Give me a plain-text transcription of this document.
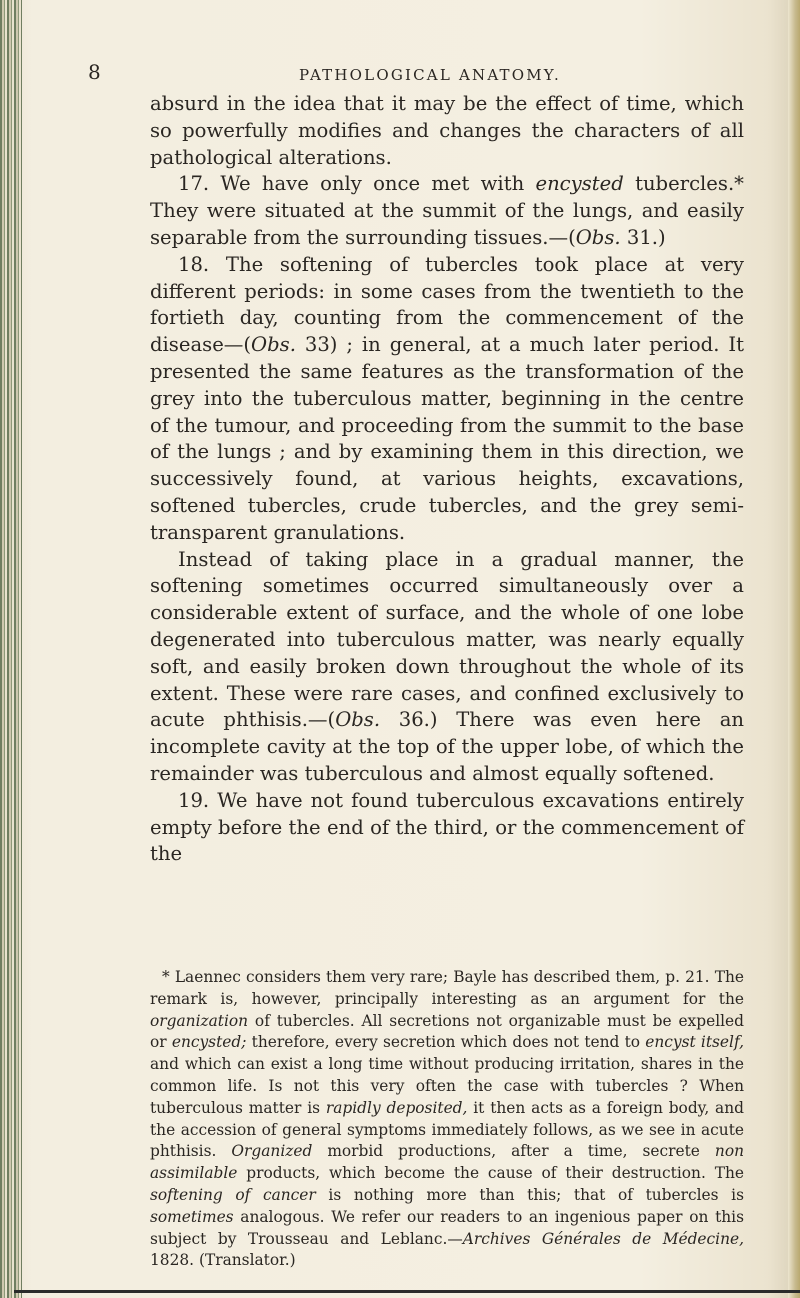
8	PATHOLOGICAL ANATOMY.

absurd in the idea that it may be the effect of time, which so powerfully modifies and changes the characters of all pathological alterations.

17. We have only once met with encysted tubercles.* They were situated at the summit of the lungs, and easily separable from the surrounding tissues.—(Obs. 31.)

18. The softening of tubercles took place at very different periods: in some cases from the twentieth to the fortieth day, counting from the commencement of the disease—(Obs. 33) ; in general, at a much later period. It presented the same features as the transformation of the grey into the tuberculous matter, beginning in the centre of the tumour, and proceeding from the summit to the base of the lungs ; and by examining them in this direction, we successively found, at various heights, excavations, softened tubercles, crude tubercles, and the grey semi-transparent granulations.

Instead of taking place in a gradual manner, the softening sometimes occurred simultaneously over a considerable extent of surface, and the whole of one lobe degenerated into tuberculous matter, was nearly equally soft, and easily broken down throughout the whole of its extent. These were rare cases, and confined exclusively to acute phthisis.—(Obs. 36.) There was even here an incomplete cavity at the top of the upper lobe, of which the remainder was tuberculous and almost equally softened.

19. We have not found tuberculous excavations entirely empty before the end of the third, or the commencement of the

* Laennec considers them very rare; Bayle has described them, p. 21. The remark is, however, principally interesting as an argument for the organization of tubercles. All secretions not organizable must be expelled or encysted; therefore, every secretion which does not tend to encyst itself, and which can exist a long time without producing irritation, shares in the common life. Is not this very often the case with tubercles ? When tuberculous matter is rapidly deposited, it then acts as a foreign body, and the accession of general symptoms immediately follows, as we see in acute phthisis. Organized morbid productions, after a time, secrete non assimilable products, which become the cause of their destruction. The softening of cancer is nothing more than this; that of tubercles is sometimes analogous. We refer our readers to an ingenious paper on this subject by Trousseau and Leblanc.—Archives Générales de Médecine, 1828. (Translator.)
